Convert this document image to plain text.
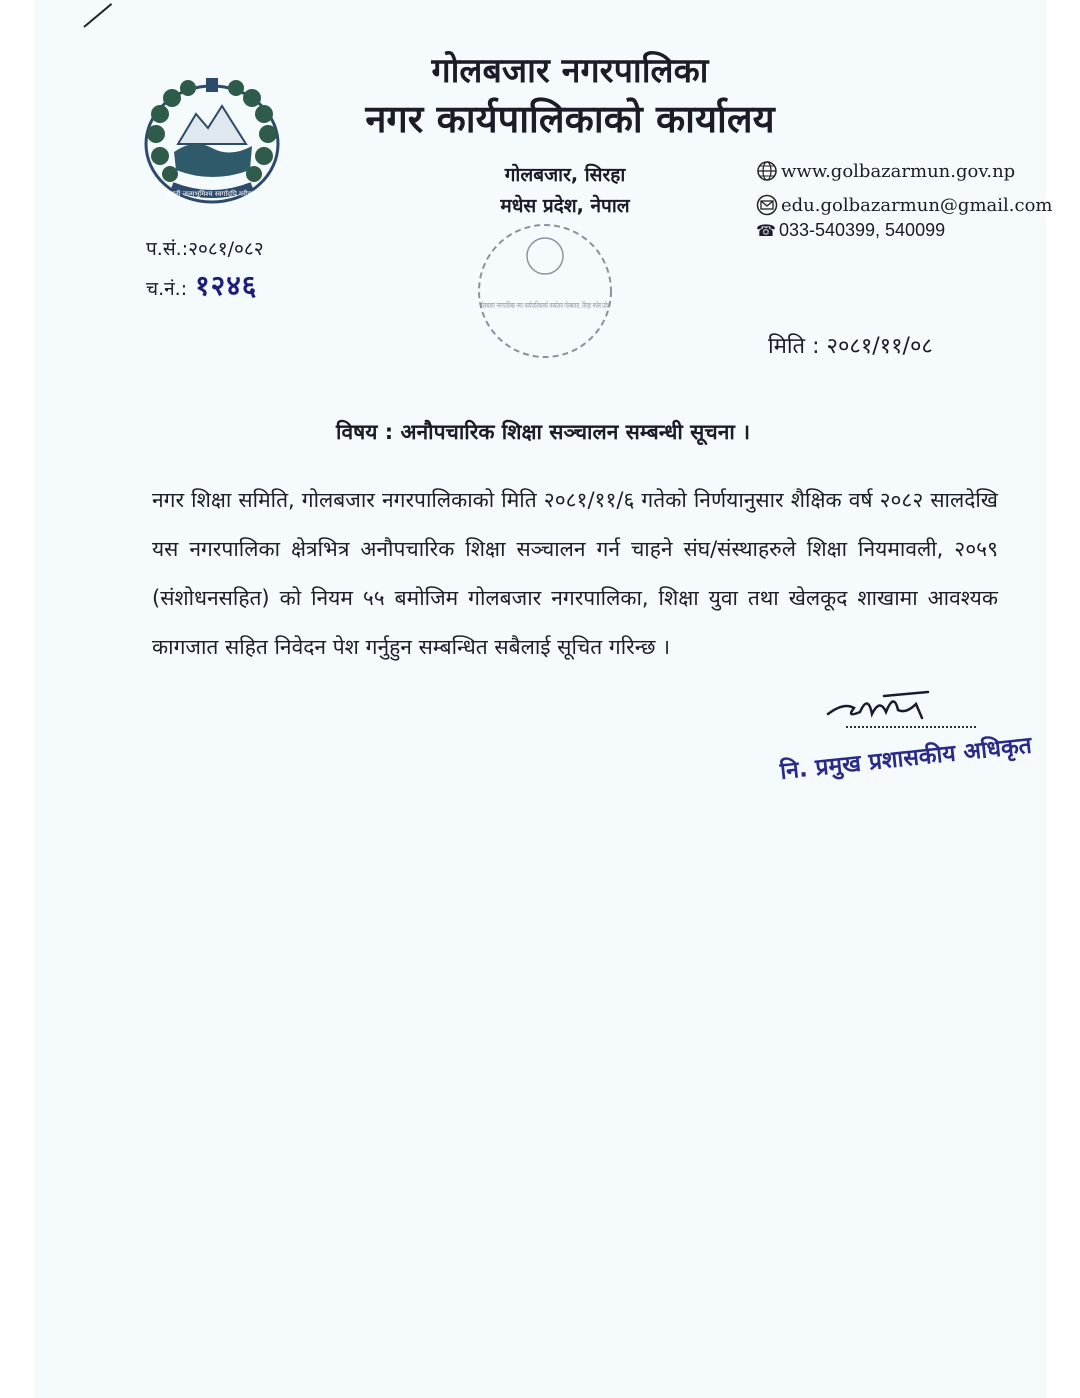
जननी जन्मभूमिश्च स्वर्गादपि गरीयसी
गोलबजार नगरपालिका
नगर कार्यपालिकाको कार्यालय
गोलबजार, सिरहा
मधेस प्रदेश, नेपाल
गोलबजार नगरपालिका नगर कार्यपालिकाको कार्यालय गोलबजार, सिरहा मधेस प्रदेश
www.golbazarmun.gov.np
edu.golbazarmun@gmail.com
☎ 033-540399, 540099
प.सं.:२०८१/०८२
च.नं.: १२४६
मिति : २०८१/११/०८
विषय : अनौपचारिक शिक्षा सञ्चालन सम्बन्धी सूचना ।
नगर शिक्षा समिति, गोलबजार नगरपालिकाको मिति २०८१/११/६ गतेको निर्णयानुसार शैक्षिक वर्ष २०८२ सालदेखि यस नगरपालिका क्षेत्रभित्र अनौपचारिक शिक्षा सञ्चालन गर्न चाहने संघ/संस्थाहरुले शिक्षा नियमावली, २०५९ (संशोधनसहित) को नियम ५५ बमोजिम गोलबजार नगरपालिका, शिक्षा युवा तथा खेलकूद शाखामा आवश्यक कागजात सहित निवेदन पेश गर्नुहुन सम्बन्धित सबैलाई सूचित गरिन्छ ।
नि. प्रमुख प्रशासकीय अधिकृत
